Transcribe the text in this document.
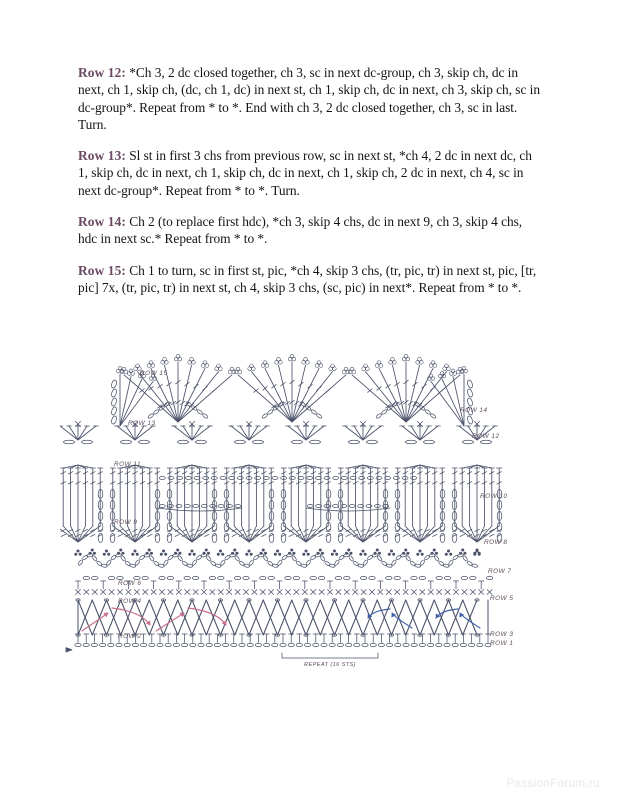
Row 12: *Ch 3, 2 dc closed together, ch 3, sc in next dc-group, ch 3, skip ch, dc in next, ch 1, skip ch, (dc, ch 1, dc) in next st, ch 1, skip ch, dc in next, ch 3, skip ch, sc in dc-group*. Repeat from * to *. End with ch 3, 2 dc closed together, ch 3, sc in last. Turn.

Row 13: Sl st in first 3 chs from previous row, sc in next st, *ch 4, 2 dc in next dc, ch 1, skip ch, dc in next, ch 1, skip ch, dc in next, ch 1, skip ch, 2 dc in next, ch 4, sc in next dc-group*. Repeat from * to *. Turn.

Row 14: Ch 2 (to replace first hdc), *ch 3, skip 4 chs, dc in next 9, ch 3, skip 4 chs, hdc in next sc.* Repeat from * to *.

Row 15: Ch 1 to turn, sc in first st, pic, *ch 4, skip 3 chs, (tr, pic, tr) in next st, pic, [tr, pic] 7x, (tr, pic, tr) in next st, ch 4, skip 3 chs, (sc, pic) in next*. Repeat from * to *.

REPEAT (16 STS)
ROW 15
ROW 13
ROW 11
ROW 9
ROW 6
ROW 4
ROW 2
ROW 14
ROW 12
ROW 10
ROW 8
ROW 7
ROW 5
ROW 3
ROW 1
PassionForum.ru
